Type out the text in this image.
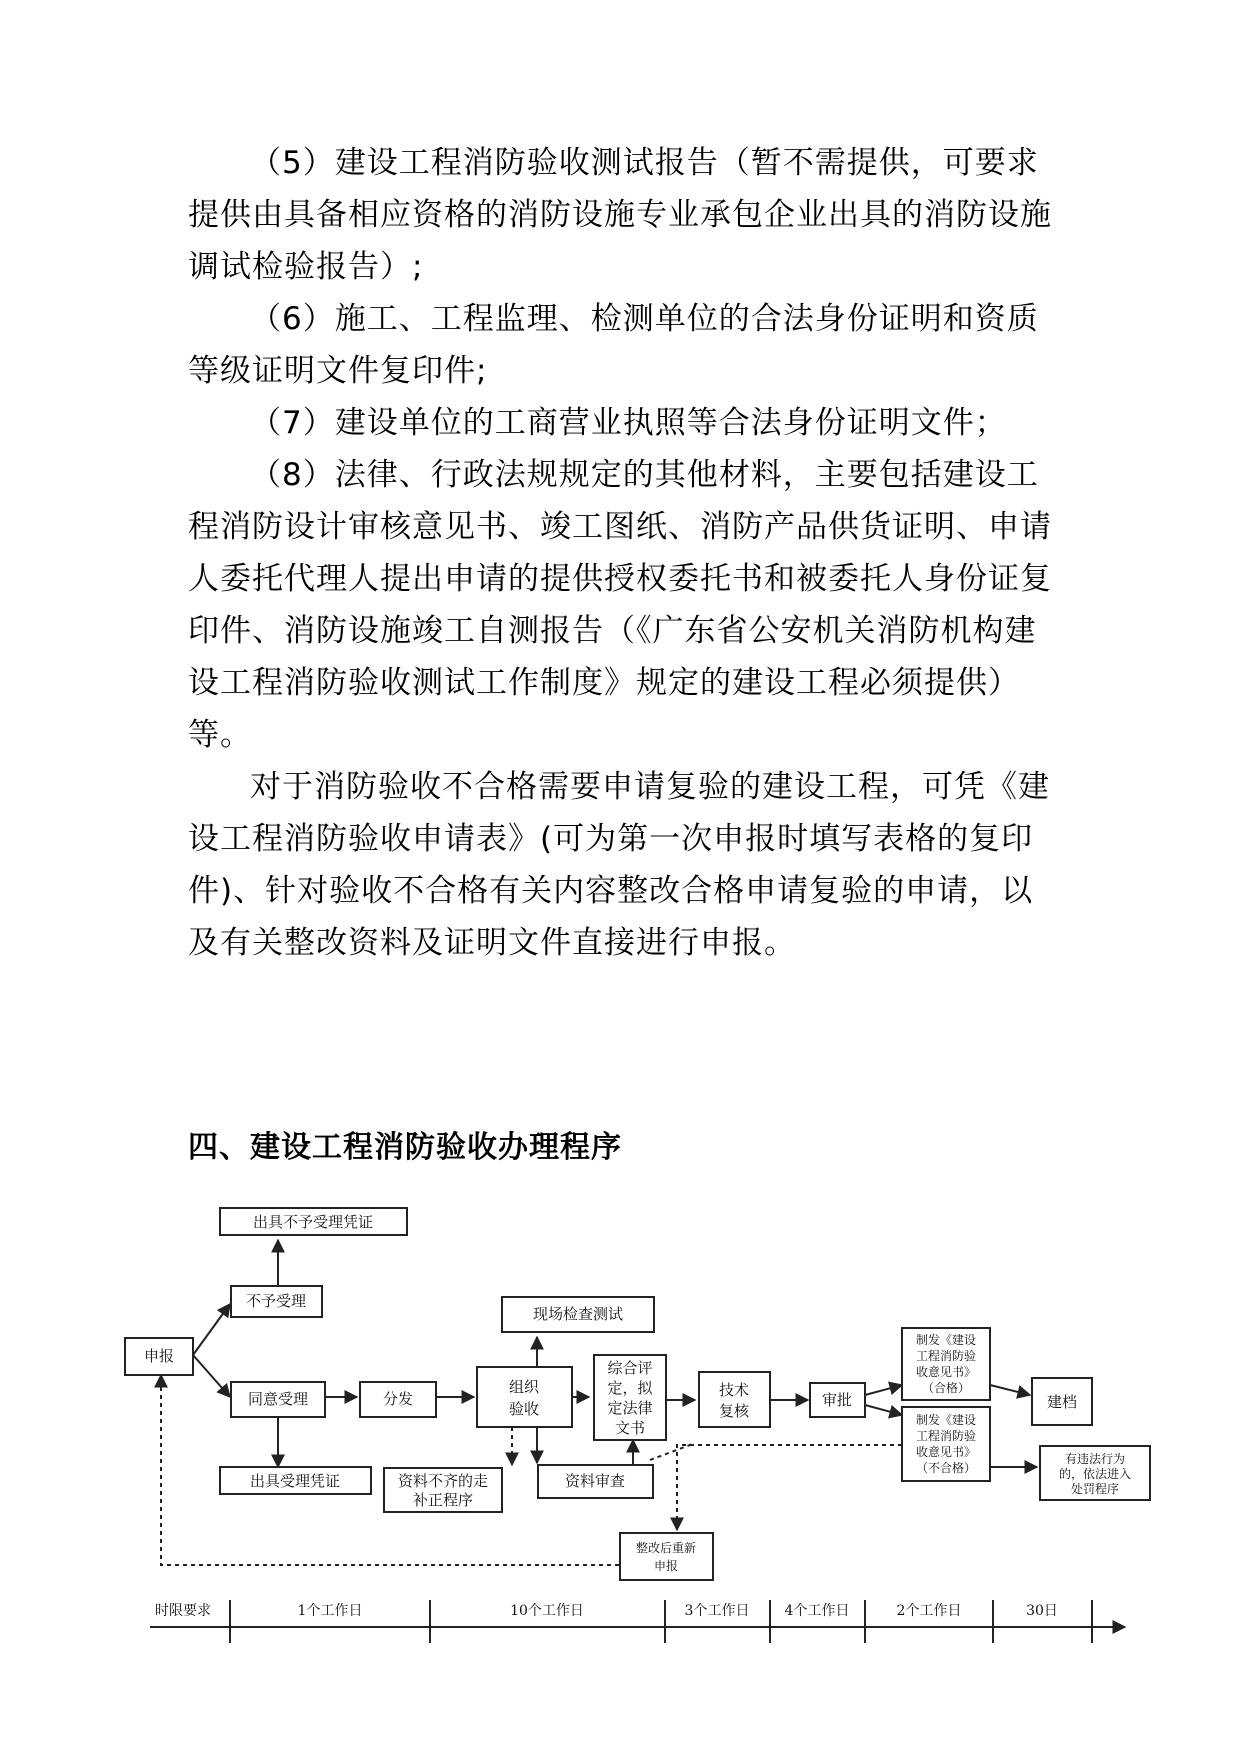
（5）建设工程消防验收测试报告（暂不需提供，可要求提供由具备相应资格的消防设施专业承包企业出具的消防设施调试检验报告）;

（6）施工、工程监理、检测单位的合法身份证明和资质等级证明文件复印件;

（7）建设单位的工商营业执照等合法身份证明文件；

（8）法律、行政法规规定的其他材料，主要包括建设工程消防设计审核意见书、竣工图纸、消防产品供货证明、申请人委托代理人提出申请的提供授权委托书和被委托人身份证复印件、消防设施竣工自测报告（《广东省公安机关消防机构建设工程消防验收测试工作制度》规定的建设工程必须提供）等。

对于消防验收不合格需要申请复验的建设工程，可凭《建设工程消防验收申请表》(可为第一次申报时填写表格的复印件)、针对验收不合格有关内容整改合格申请复验的申请，以及有关整改资料及证明文件直接进行申报。

四、建设工程消防验收办理程序
申报
不予受理
出具不予受理凭证
同意受理
出具受理凭证
分发
组织
验收
现场检查测试
资料不齐的走
补正程序
资料审查
综合评
定，拟
定法律
文书
技术
复核
审批
制发《建设
工程消防验
收意见书》
（合格）
制发《建设
工程消防验
收意见书》
（不合格）
建档
有违法行为
的，依法进入
处罚程序
整改后重新
申报
时限要求	1个工作日	10个工作日	3个工作日	4个工作日	2个工作日	30日
